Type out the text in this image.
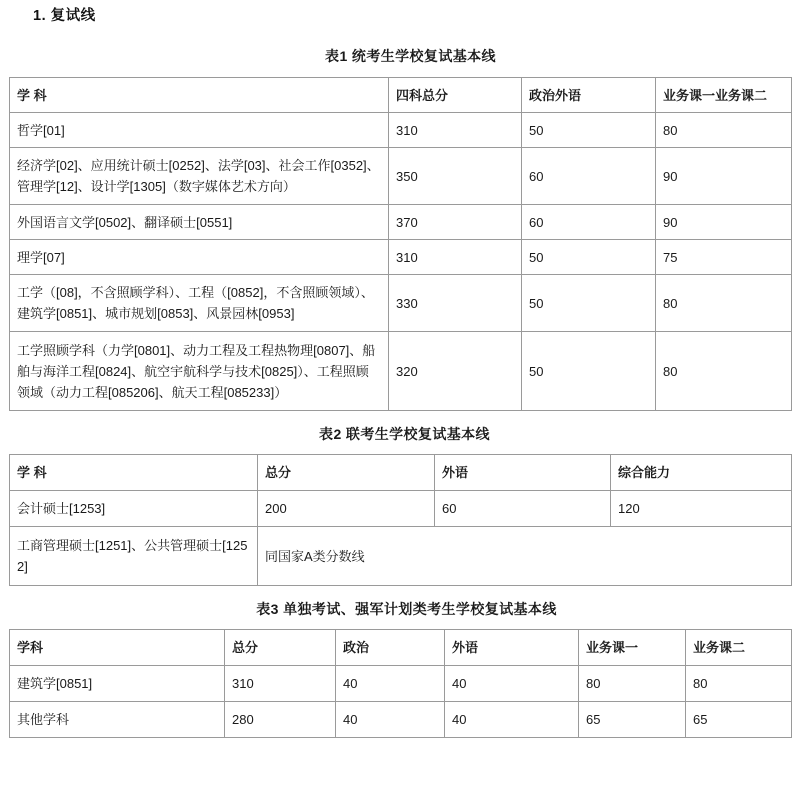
1. 复试线
表1 统考生学校复试基本线
学 科	四科总分	政治外语	业务课一业务课二
哲学[01]	310	50	80
经济学[02]、应用统计硕士[0252]、法学[03]、社会工作[0352]、管理学[12]、设计学[1305]（数字媒体艺术方向）	350	60	90
外国语言文学[0502]、翻译硕士[0551]	370	60	90
理学[07]	310	50	75
工学（[08]，不含照顾学科）、工程（[0852]，不含照顾领域）、建筑学[0851]、城市规划[0853]、风景园林[0953]	330	50	80
工学照顾学科（力学[0801]、动力工程及工程热物理[0807]、船舶与海洋工程[0824]、航空宇航科学与技术[0825]）、工程照顾领域（动力工程[085206]、航天工程[085233]）	320	50	80
表2 联考生学校复试基本线
学 科	总分	外语	综合能力
会计硕士[1253]	200	60	120
工商管理硕士[1251]、公共管理硕士[1252]	同国家A类分数线		
表3 单独考试、强军计划类考生学校复试基本线
学科	总分	政治	外语	业务课一	业务课二
建筑学[0851]	310	40	40	80	80
其他学科	280	40	40	65	65
